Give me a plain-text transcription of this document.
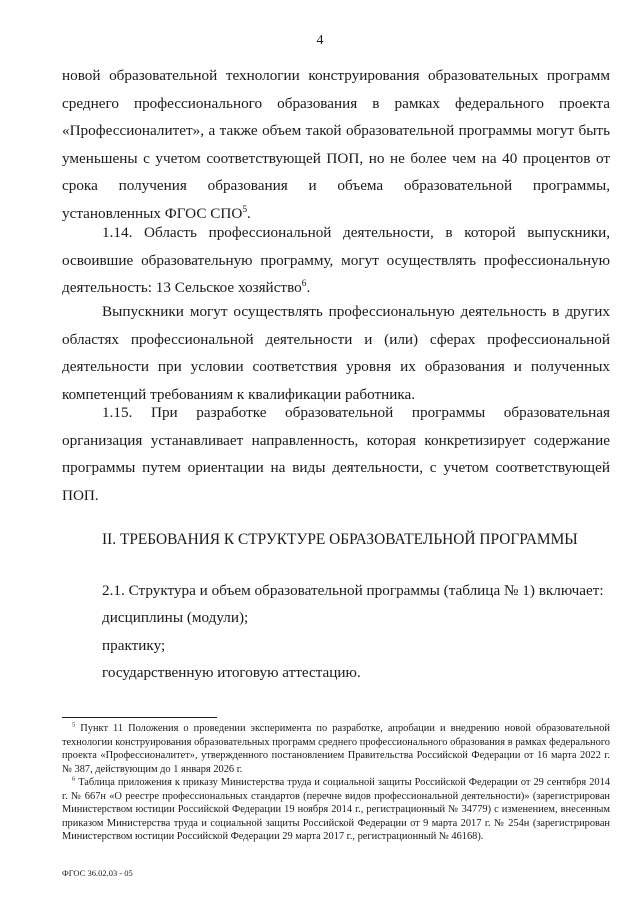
4
новой образовательной технологии конструирования образовательных программ среднего профессионального образования в рамках федерального проекта «Профессионалитет», а также объем такой образовательной программы могут быть уменьшены с учетом соответствующей ПОП, но не более чем на 40 процентов от срока получения образования и объема образовательной программы, установленных ФГОС СПО$^5$.
1.14. Область профессиональной деятельности, в которой выпускники, освоившие образовательную программу, могут осуществлять профессиональную деятельность: 13 Сельское хозяйство$^6$.
Выпускники могут осуществлять профессиональную деятельность в других областях профессиональной деятельности и (или) сферах профессиональной деятельности при условии соответствия уровня их образования и полученных компетенций требованиям к квалификации работника.
1.15. При разработке образовательной программы образовательная организация устанавливает направленность, которая конкретизирует содержание программы путем ориентации на виды деятельности, с учетом соответствующей ПОП.
II. ТРЕБОВАНИЯ К СТРУКТУРЕ ОБРАЗОВАТЕЛЬНОЙ ПРОГРАММЫ
2.1. Структура и объем образовательной программы (таблица № 1) включает:
дисциплины (модули);
практику;
государственную итоговую аттестацию.
$^5$ Пункт 11 Положения о проведении эксперимента по разработке, апробации и внедрению новой образовательной технологии конструирования образовательных программ среднего профессионального образования в рамках федерального проекта «Профессионалитет», утвержденного постановлением Правительства Российской Федерации от 16 марта 2022 г. № 387, действующим до 1 января 2026 г.
$^6$ Таблица приложения к приказу Министерства труда и социальной защиты Российской Федерации от 29 сентября 2014 г. № 667н «О реестре профессиональных стандартов (перечне видов профессиональной деятельности)» (зарегистрирован Министерством юстиции Российской Федерации 19 ноября 2014 г., регистрационный № 34779) с изменением, внесенным приказом Министерства труда и социальной защиты Российской Федерации от 9 марта 2017 г. № 254н (зарегистрирован Министерством юстиции Российской Федерации 29 марта 2017 г., регистрационный № 46168).
ФГОС 36.02.03 - 05
